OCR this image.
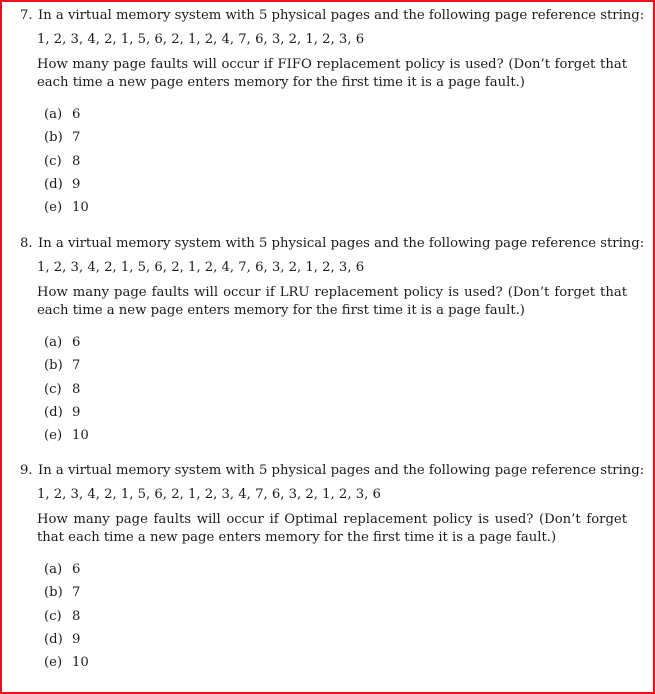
7. In a virtual memory system with 5 physical pages and the following page reference string:
1, 2, 3, 4, 2, 1, 5, 6, 2, 1, 2, 4, 7, 6, 3, 2, 1, 2, 3, 6
How many page faults will occur if FIFO replacement policy is used? (Don’t forget that each time a new page enters memory for the first time it is a page fault.)
(a) 6
(b) 7
(c) 8
(d) 9
(e) 10
8. In a virtual memory system with 5 physical pages and the following page reference string:
1, 2, 3, 4, 2, 1, 5, 6, 2, 1, 2, 4, 7, 6, 3, 2, 1, 2, 3, 6
How many page faults will occur if LRU replacement policy is used? (Don’t forget that each time a new page enters memory for the first time it is a page fault.)
(a) 6
(b) 7
(c) 8
(d) 9
(e) 10
9. In a virtual memory system with 5 physical pages and the following page reference string:
1, 2, 3, 4, 2, 1, 5, 6, 2, 1, 2, 3, 4, 7, 6, 3, 2, 1, 2, 3, 6
How many page faults will occur if Optimal replacement policy is used? (Don’t forget that each time a new page enters memory for the first time it is a page fault.)
(a) 6
(b) 7
(c) 8
(d) 9
(e) 10
